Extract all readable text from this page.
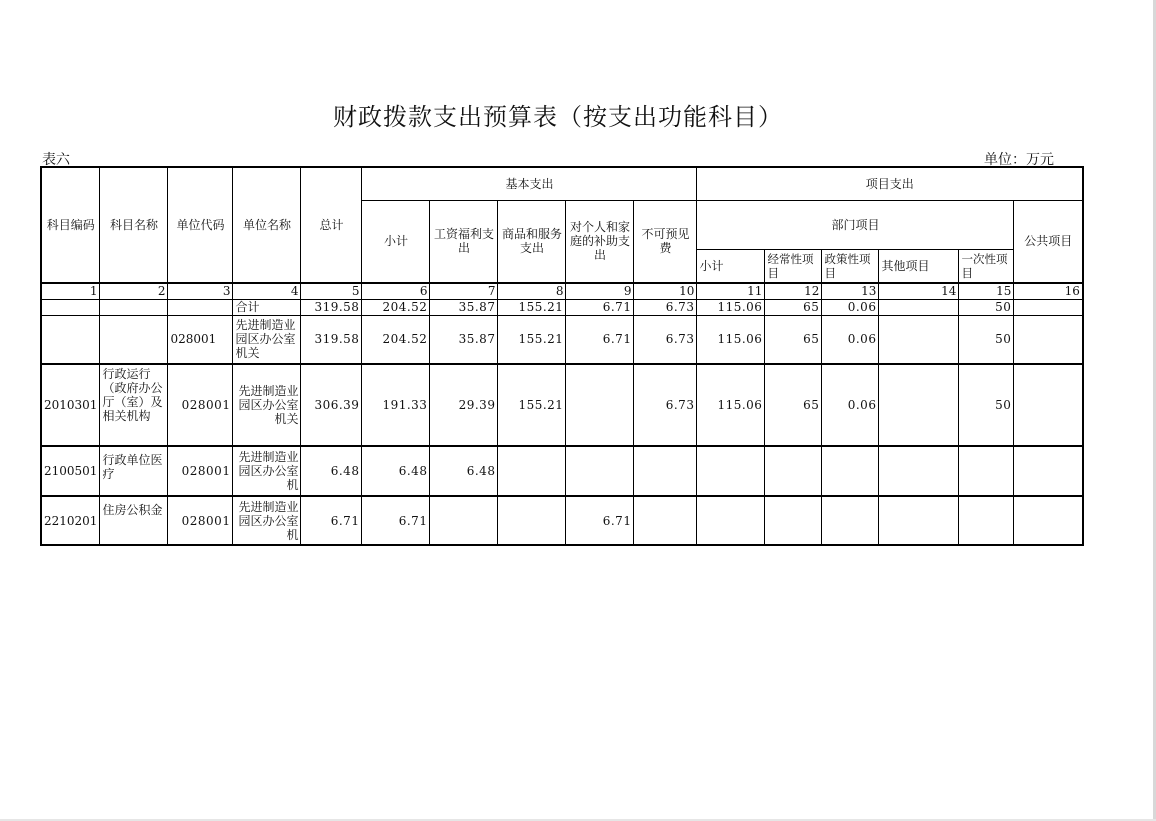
财政拨款支出预算表（按支出功能科目）
表六	单位：万元
科目编码	科目名称	单位代码	单位名称	总计	基本支出					项目支出					
					小计	工资福利支出	商品和服务支出	对个人和家庭的补助支出	不可预见费	部门项目					公共项目
										小计	经常性项目	政策性项目	其他项目	一次性项目	
1	2	3	4	5	6	7	8	9	10	11	12	13	14	15	16
			合计	319.58	204.52	35.87	155.21	6.71	6.73	115.06	65	0.06		50	
		028001	先进制造业园区办公室机关	319.58	204.52	35.87	155.21	6.71	6.73	115.06	65	0.06		50	
2010301	行政运行（政府办公厅（室）及相关机构	028001	先进制造业园区办公室机关	306.39	191.33	29.39	155.21		6.73	115.06	65	0.06		50	
2100501	行政单位医疗	028001	先进制造业园区办公室机	6.48	6.48	6.48									
2210201	住房公积金	028001	先进制造业园区办公室机	6.71	6.71			6.71							
